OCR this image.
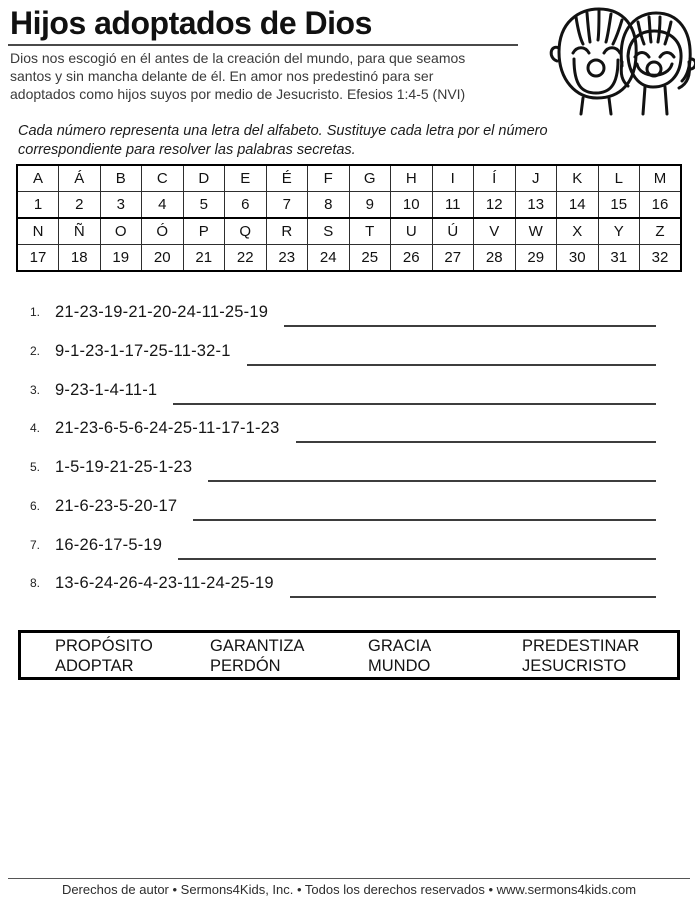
Hijos adoptados de Dios

Dios nos escogió en él antes de la creación del mundo, para que seamos santos y sin mancha delante de él. En amor nos predestinó para ser adoptados como hijos suyos por medio de Jesucristo. Efesios 1:4-5 (NVI)

Cada número representa una letra del alfabeto. Sustituye cada letra por el número correspondiente para resolver las palabras secretas.

A	Á	B	C	D	E	É	F	G	H	I	Í	J	K	L	M
1	2	3	4	5	6	7	8	9	10	11	12	13	14	15	16
N	Ñ	O	Ó	P	Q	R	S	T	U	Ú	V	W	X	Y	Z
17	18	19	20	21	22	23	24	25	26	27	28	29	30	31	32
1. 21-23-19-21-20-24-11-25-19
2. 9-1-23-1-17-25-11-32-1
3. 9-23-1-4-11-1
4. 21-23-6-5-6-24-25-11-17-1-23
5. 1-5-19-21-25-1-23
6. 21-6-23-5-20-17
7. 16-26-17-5-19
8. 13-6-24-26-4-23-11-24-25-19
PROPÓSITO	GARANTIZA	GRACIA	PREDESTINAR
ADOPTAR	PERDÓN	MUNDO	JESUCRISTO

Derechos de autor • Sermons4Kids, Inc. • Todos los derechos reservados • www.sermons4kids.com
